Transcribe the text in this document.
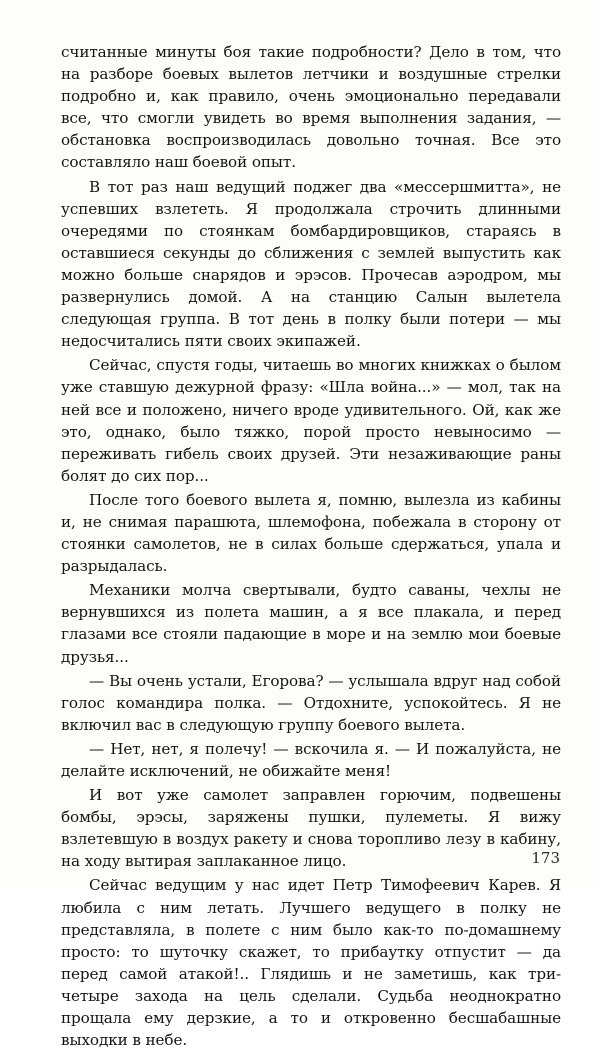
считанные минуты боя такие подробности? Дело в том, что на разборе боевых вылетов летчики и воздушные стрелки подробно и, как правило, очень эмоционально передавали все, что смогли увидеть во время выполнения задания, — обстановка воспроизводилась довольно точная. Все это составляло наш боевой опыт.

В тот раз наш ведущий поджег два «мессершмитта», не успевших взлететь. Я продолжала строчить длинными очередями по стоянкам бомбардировщиков, стараясь в оставшиеся секунды до сближения с землей выпустить как можно больше снарядов и эрэсов. Прочесав аэродром, мы развернулись домой. А на станцию Салын вылетела следующая группа. В тот день в полку были потери — мы недосчитались пяти своих экипажей.

Сейчас, спустя годы, читаешь во многих книжках о былом уже ставшую дежурной фразу: «Шла война...» — мол, так на ней все и положено, ничего вроде удивительного. Ой, как же это, однако, было тяжко, порой просто невыносимо — переживать гибель своих друзей. Эти незаживающие раны болят до сих пор...

После того боевого вылета я, помню, вылезла из кабины и, не снимая парашюта, шлемофона, побежала в сторону от стоянки самолетов, не в силах больше сдержаться, упала и разрыдалась.

Механики молча свертывали, будто саваны, чехлы не вернувшихся из полета машин, а я все плакала, и перед глазами все стояли падающие в море и на землю мои боевые друзья...

— Вы очень устали, Егорова? — услышала вдруг над собой голос командира полка. — Отдохните, успокойтесь. Я не включил вас в следующую группу боевого вылета.

— Нет, нет, я полечу! — вскочила я. — И пожалуйста, не делайте исключений, не обижайте меня!

И вот уже самолет заправлен горючим, подвешены бомбы, эрэсы, заряжены пушки, пулеметы. Я вижу взлетевшую в воздух ракету и снова торопливо лезу в кабину, на ходу вытирая заплаканное лицо.

Сейчас ведущим у нас идет Петр Тимофеевич Карев. Я любила с ним летать. Лучшего ведущего в полку не представляла, в полете с ним было как-то по-домашнему просто: то шуточку скажет, то прибаутку отпустит — да перед самой атакой!.. Глядишь и не заметишь, как три-четыре захода на цель сделали. Судьба неоднократно прощала ему дерзкие, а то и откровенно бесшабашные выходки в небе.

173
